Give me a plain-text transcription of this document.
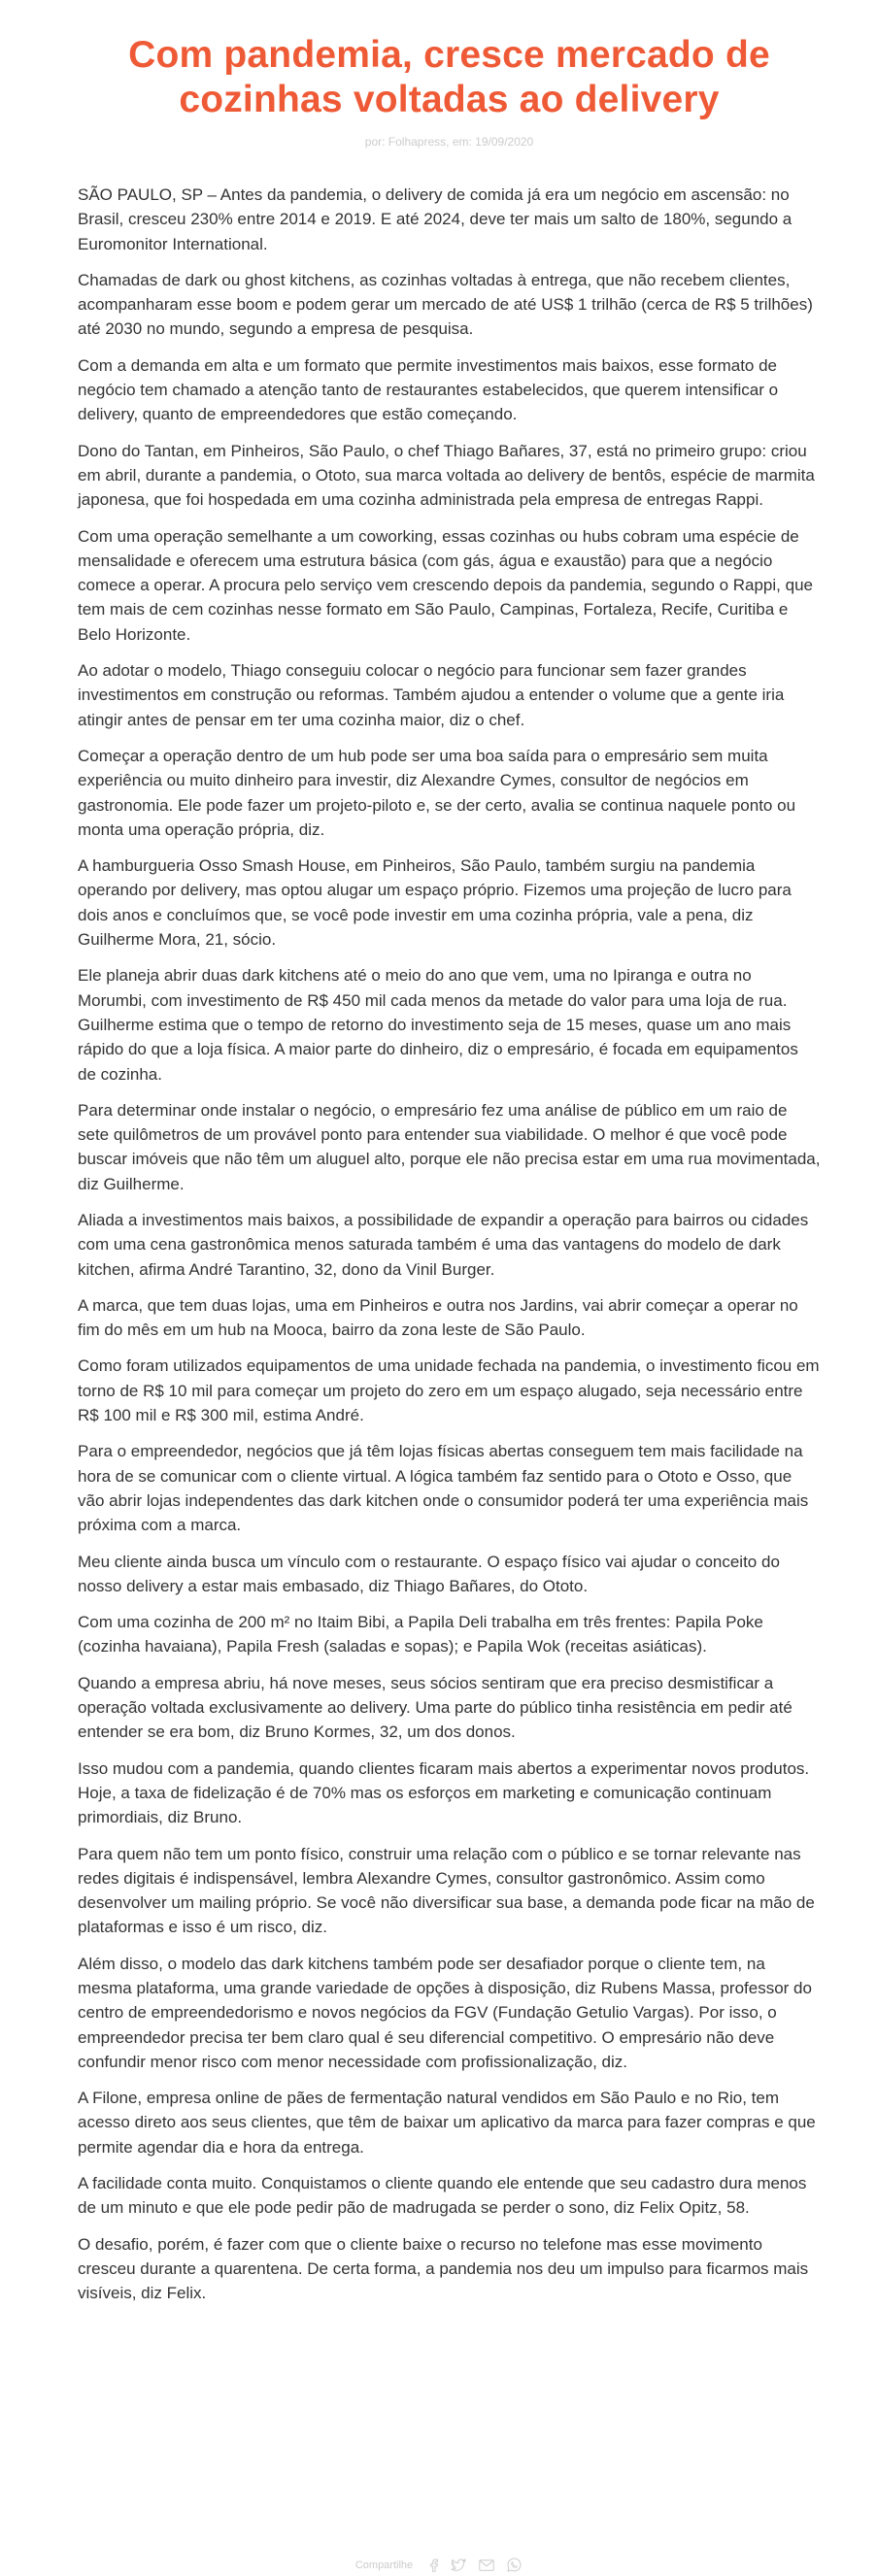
Com pandemia, cresce mercado de cozinhas voltadas ao delivery
por: Folhapress, em: 19/09/2020

SÃO PAULO, SP – Antes da pandemia, o delivery de comida já era um negócio em ascensão: no Brasil, cresceu 230% entre 2014 e 2019. E até 2024, deve ter mais um salto de 180%, segundo a Euromonitor International.

Chamadas de dark ou ghost kitchens, as cozinhas voltadas à entrega, que não recebem clientes, acompanharam esse boom e podem gerar um mercado de até US$ 1 trilhão (cerca de R$ 5 trilhões) até 2030 no mundo, segundo a empresa de pesquisa.

Com a demanda em alta e um formato que permite investimentos mais baixos, esse formato de negócio tem chamado a atenção tanto de restaurantes estabelecidos, que querem intensificar o delivery, quanto de empreendedores que estão começando.

Dono do Tantan, em Pinheiros, São Paulo, o chef Thiago Bañares, 37, está no primeiro grupo: criou em abril, durante a pandemia, o Ototo, sua marca voltada ao delivery de bentôs, espécie de marmita japonesa, que foi hospedada em uma cozinha administrada pela empresa de entregas Rappi.

Com uma operação semelhante a um coworking, essas cozinhas ou hubs cobram uma espécie de mensalidade e oferecem uma estrutura básica (com gás, água e exaustão) para que a negócio comece a operar. A procura pelo serviço vem crescendo depois da pandemia, segundo o Rappi, que tem mais de cem cozinhas nesse formato em São Paulo, Campinas, Fortaleza, Recife, Curitiba e Belo Horizonte.

Ao adotar o modelo, Thiago conseguiu colocar o negócio para funcionar sem fazer grandes investimentos em construção ou reformas. Também ajudou a entender o volume que a gente iria atingir antes de pensar em ter uma cozinha maior, diz o chef.

Começar a operação dentro de um hub pode ser uma boa saída para o empresário sem muita experiência ou muito dinheiro para investir, diz Alexandre Cymes, consultor de negócios em gastronomia. Ele pode fazer um projeto-piloto e, se der certo, avalia se continua naquele ponto ou monta uma operação própria, diz.

A hamburgueria Osso Smash House, em Pinheiros, São Paulo, também surgiu na pandemia operando por delivery, mas optou alugar um espaço próprio. Fizemos uma projeção de lucro para dois anos e concluímos que, se você pode investir em uma cozinha própria, vale a pena, diz Guilherme Mora, 21, sócio.

Ele planeja abrir duas dark kitchens até o meio do ano que vem, uma no Ipiranga e outra no Morumbi, com investimento de R$ 450 mil cada menos da metade do valor para uma loja de rua. Guilherme estima que o tempo de retorno do investimento seja de 15 meses, quase um ano mais rápido do que a loja física. A maior parte do dinheiro, diz o empresário, é focada em equipamentos de cozinha.

Para determinar onde instalar o negócio, o empresário fez uma análise de público em um raio de sete quilômetros de um provável ponto para entender sua viabilidade. O melhor é que você pode buscar imóveis que não têm um aluguel alto, porque ele não precisa estar em uma rua movimentada, diz Guilherme.

Aliada a investimentos mais baixos, a possibilidade de expandir a operação para bairros ou cidades com uma cena gastronômica menos saturada também é uma das vantagens do modelo de dark kitchen, afirma André Tarantino, 32, dono da Vinil Burger.

A marca, que tem duas lojas, uma em Pinheiros e outra nos Jardins, vai abrir começar a operar no fim do mês em um hub na Mooca, bairro da zona leste de São Paulo.

Como foram utilizados equipamentos de uma unidade fechada na pandemia, o investimento ficou em torno de R$ 10 mil para começar um projeto do zero em um espaço alugado, seja necessário entre R$ 100 mil e R$ 300 mil, estima André.

Para o empreendedor, negócios que já têm lojas físicas abertas conseguem tem mais facilidade na hora de se comunicar com o cliente virtual. A lógica também faz sentido para o Ototo e Osso, que vão abrir lojas independentes das dark kitchen onde o consumidor poderá ter uma experiência mais próxima com a marca.

Meu cliente ainda busca um vínculo com o restaurante. O espaço físico vai ajudar o conceito do nosso delivery a estar mais embasado, diz Thiago Bañares, do Ototo.

Com uma cozinha de 200 m² no Itaim Bibi, a Papila Deli trabalha em três frentes: Papila Poke (cozinha havaiana), Papila Fresh (saladas e sopas); e Papila Wok (receitas asiáticas).

Quando a empresa abriu, há nove meses, seus sócios sentiram que era preciso desmistificar a operação voltada exclusivamente ao delivery. Uma parte do público tinha resistência em pedir até entender se era bom, diz Bruno Kormes, 32, um dos donos.

Isso mudou com a pandemia, quando clientes ficaram mais abertos a experimentar novos produtos. Hoje, a taxa de fidelização é de 70% mas os esforços em marketing e comunicação continuam primordiais, diz Bruno.

Para quem não tem um ponto físico, construir uma relação com o público e se tornar relevante nas redes digitais é indispensável, lembra Alexandre Cymes, consultor gastronômico. Assim como desenvolver um mailing próprio. Se você não diversificar sua base, a demanda pode ficar na mão de plataformas e isso é um risco, diz.

Além disso, o modelo das dark kitchens também pode ser desafiador porque o cliente tem, na mesma plataforma, uma grande variedade de opções à disposição, diz Rubens Massa, professor do centro de empreendedorismo e novos negócios da FGV (Fundação Getulio Vargas). Por isso, o empreendedor precisa ter bem claro qual é seu diferencial competitivo. O empresário não deve confundir menor risco com menor necessidade com profissionalização, diz.

A Filone, empresa online de pães de fermentação natural vendidos em São Paulo e no Rio, tem acesso direto aos seus clientes, que têm de baixar um aplicativo da marca para fazer compras e que permite agendar dia e hora da entrega.

A facilidade conta muito. Conquistamos o cliente quando ele entende que seu cadastro dura menos de um minuto e que ele pode pedir pão de madrugada se perder o sono, diz Felix Opitz, 58.

O desafio, porém, é fazer com que o cliente baixe o recurso no telefone mas esse movimento cresceu durante a quarentena. De certa forma, a pandemia nos deu um impulso para ficarmos mais visíveis, diz Felix.

Compartilhe
